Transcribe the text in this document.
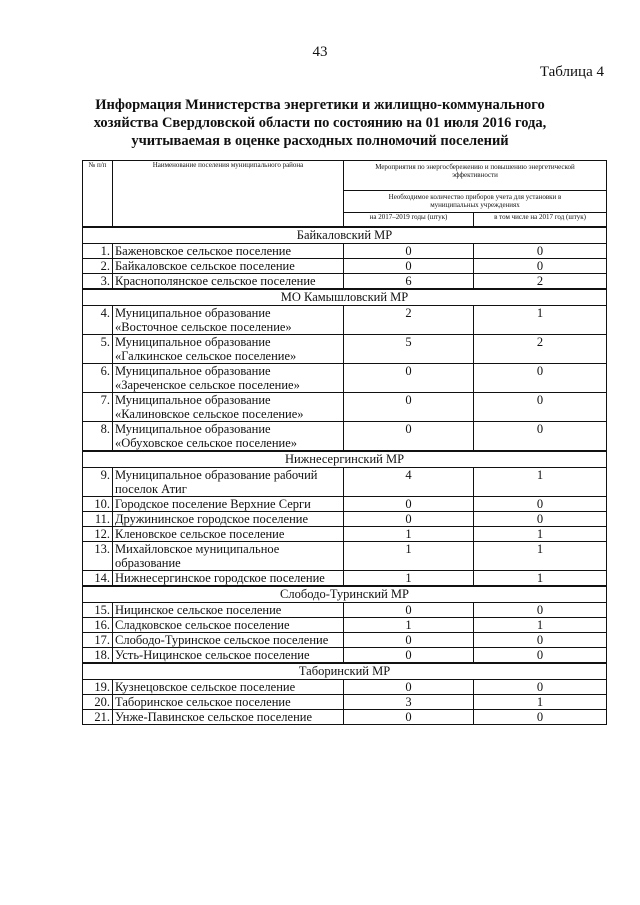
43
Таблица 4
Информация Министерства энергетики и жилищно-коммунального
хозяйства Свердловской области по состоянию на 01 июля 2016 года,
учитываемая в оценке расходных полномочий поселений
№ п/п	Наименование поселения муниципального района	Мероприятия по энергосбережению и повышению энергетической эффективности	
		Необходимое количество приборов учета для установки в муниципальных учреждениях	
		на 2017–2019 годы (штук)	в том числе на 2017 год (штук)
Байкаловский МР			
1.	Баженовское сельское поселение	0	0
2.	Байкаловское сельское поселение	0	0
3.	Краснополянское сельское поселение	6	2
МО Камышловский МР			
4.	Муниципальное образование
«Восточное сельское поселение»	2	1
5.	Муниципальное образование
«Галкинское сельское поселение»	5	2
6.	Муниципальное образование
«Зареченское сельское поселение»	0	0
7.	Муниципальное образование
«Калиновское сельское поселение»	0	0
8.	Муниципальное образование
«Обуховское сельское поселение»	0	0
Нижнесергинский МР			
9.	Муниципальное образование рабочий
поселок Атиг	4	1
10.	Городское поселение Верхние Серги	0	0
11.	Дружининское городское поселение	0	0
12.	Кленовское сельское поселение	1	1
13.	Михайловское муниципальное
образование	1	1
14.	Нижнесергинское городское поселение	1	1
Слободо-Туринский МР			
15.	Ницинское сельское поселение	0	0
16.	Сладковское сельское поселение	1	1
17.	Слободо-Туринское сельское поселение	0	0
18.	Усть-Ницинское сельское поселение	0	0
Таборинский МР			
19.	Кузнецовское сельское поселение	0	0
20.	Таборинское сельское поселение	3	1
21.	Унже-Павинское сельское поселение	0	0
